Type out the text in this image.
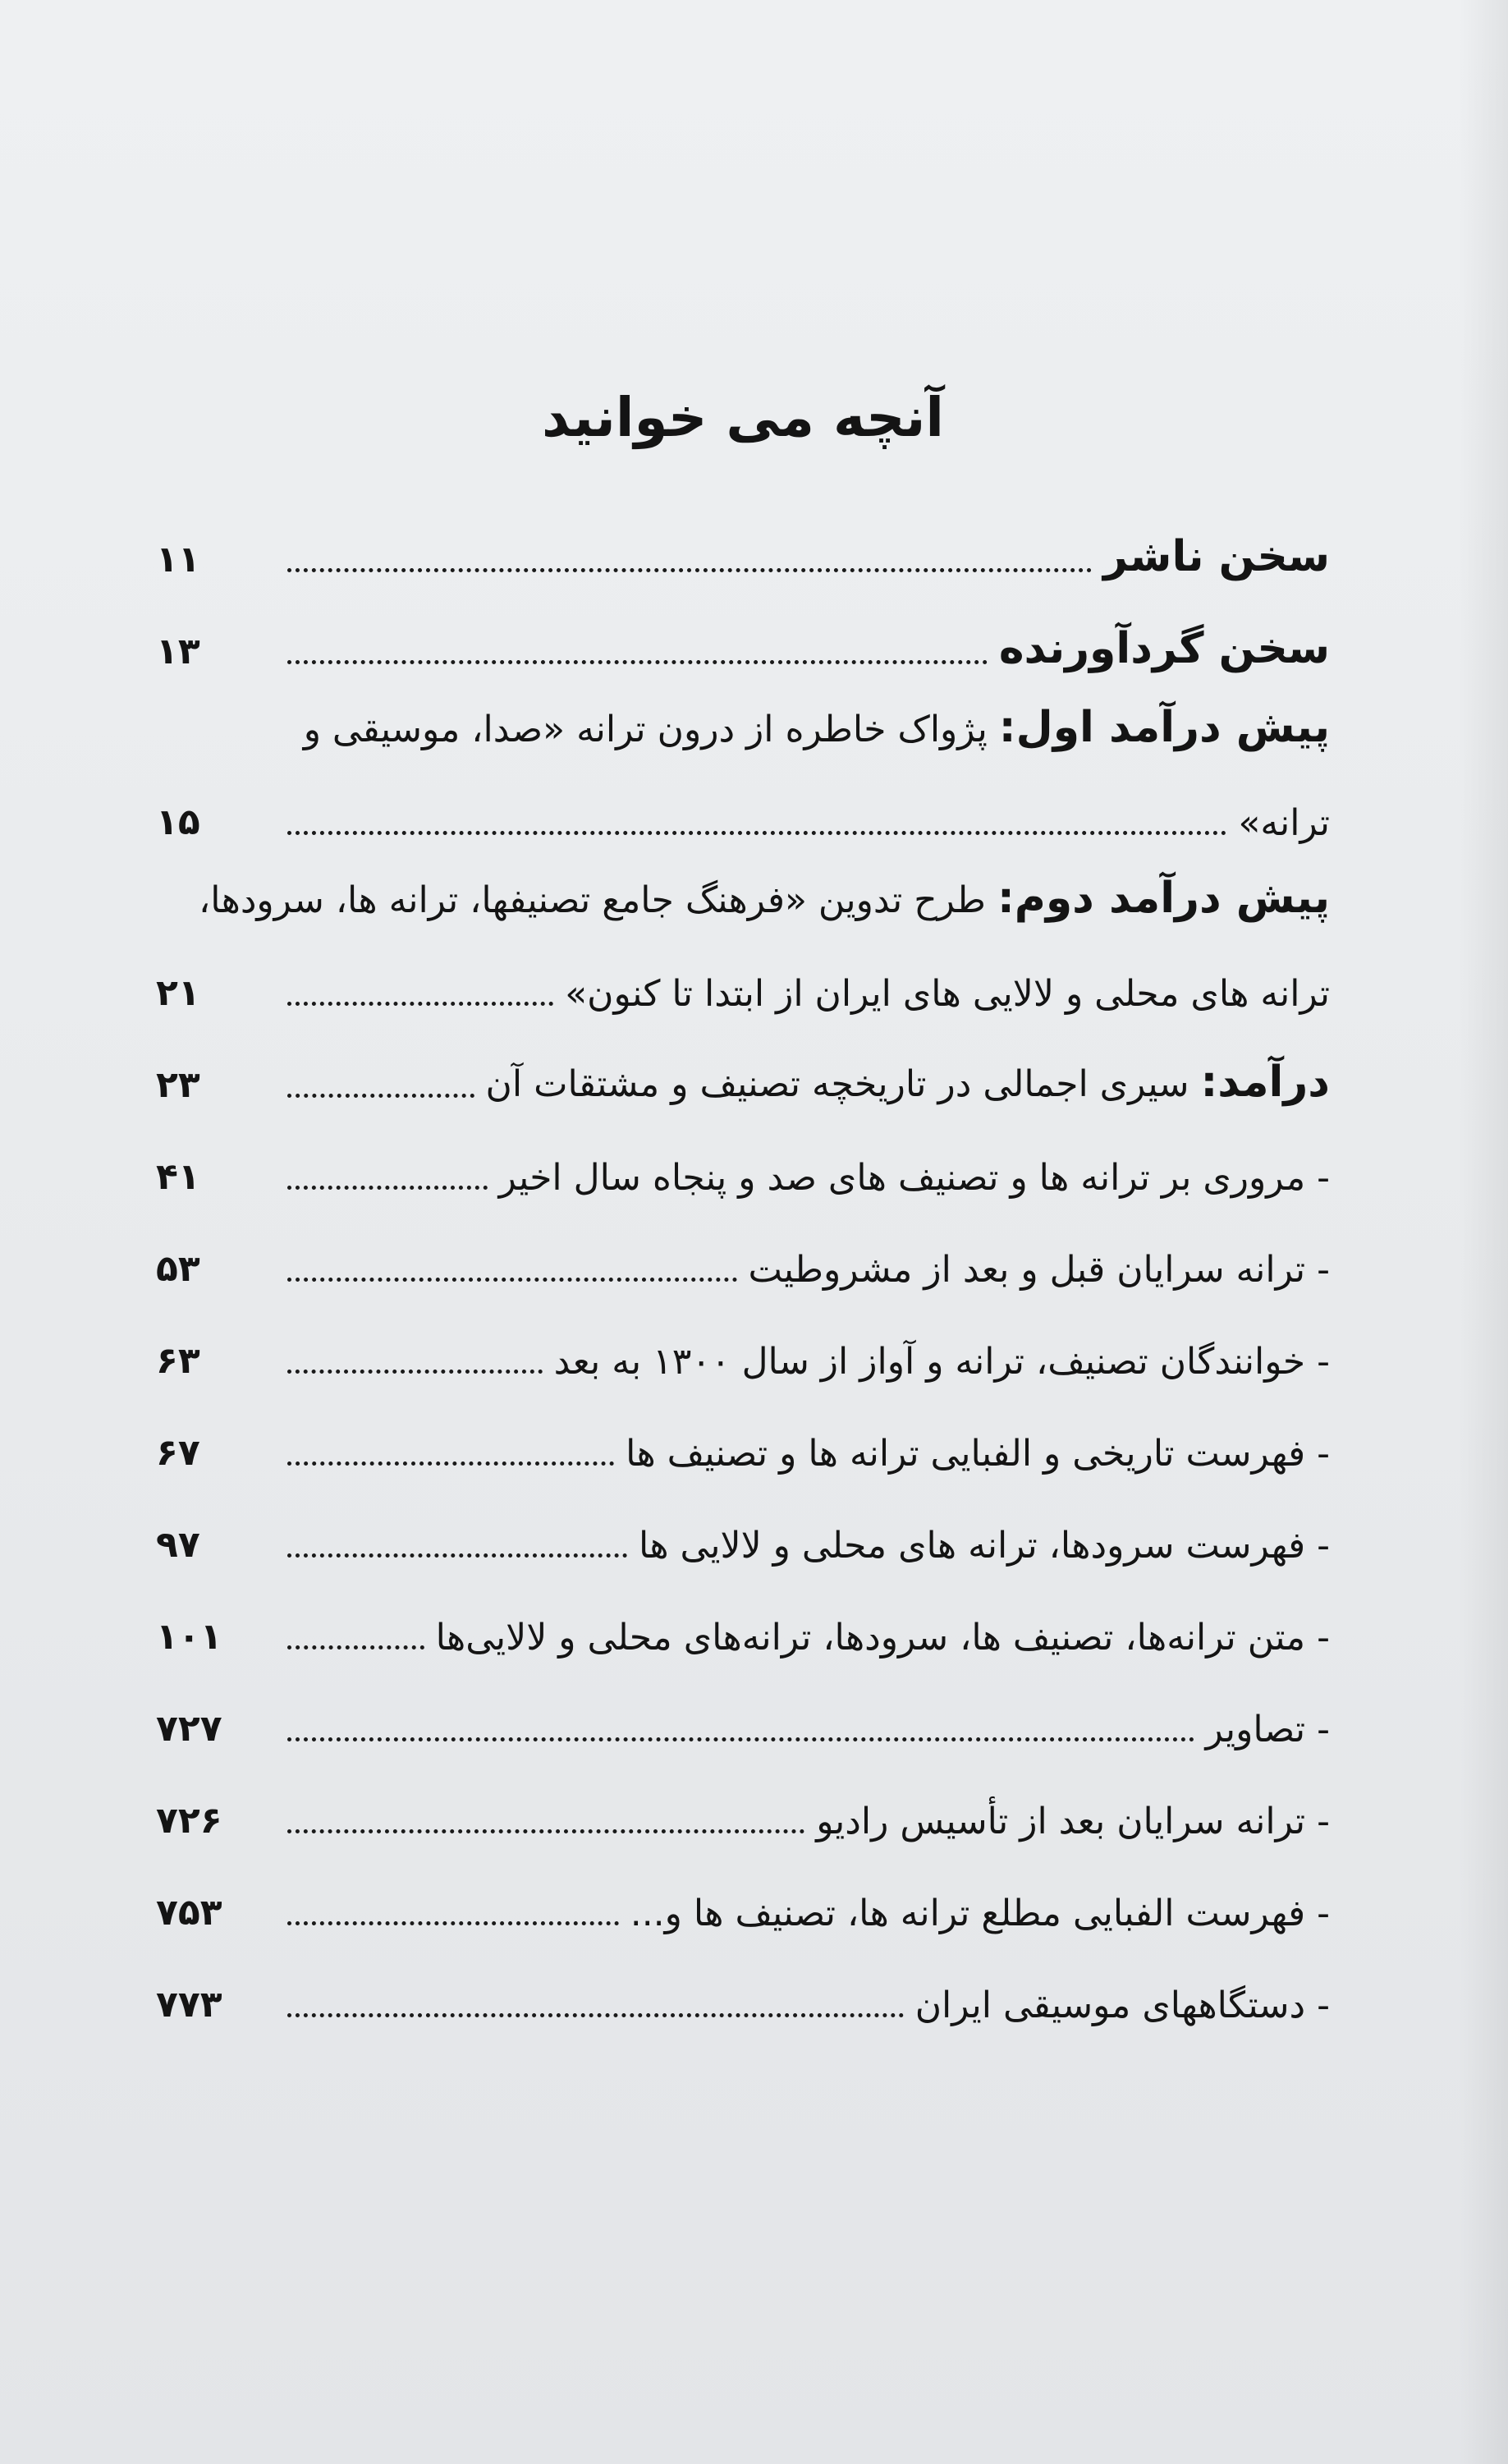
آنچه می خوانید
سخن ناشر
۱۱
سخن گردآورنده
۱۳
پیش درآمد اول: پژواک خاطره از درون ترانه «صدا، موسیقی و
ترانه»
۱۵
پیش درآمد دوم: طرح تدوین «فرهنگ جامع تصنیفها، ترانه ها، سرودها،
ترانه های محلی و لالایی های ایران از ابتدا تا کنون»
۲۱
درآمد: سیری اجمالی در تاریخچه تصنیف و مشتقات آن
۲۳
- مروری بر ترانه ها و تصنیف های صد و پنجاه سال اخیر
۴۱
- ترانه سرایان قبل و بعد از مشروطیت
۵۳
- خوانندگان تصنیف، ترانه و آواز از سال ۱۳۰۰ به بعد
۶۳
- فهرست تاریخی و الفبایی ترانه ها و تصنیف ها
۶۷
- فهرست سرودها، ترانه های محلی و لالایی ها
۹۷
- متن ترانه‌ها، تصنیف ها، سرودها، ترانه‌های محلی و لالایی‌ها
۱۰۱
- تصاویر
۷۲۷
- ترانه سرایان بعد از تأسیس رادیو
۷۲۶
- فهرست الفبایی مطلع ترانه ها، تصنیف ها و...
۷۵۳
- دستگاههای موسیقی ایران
۷۷۳
